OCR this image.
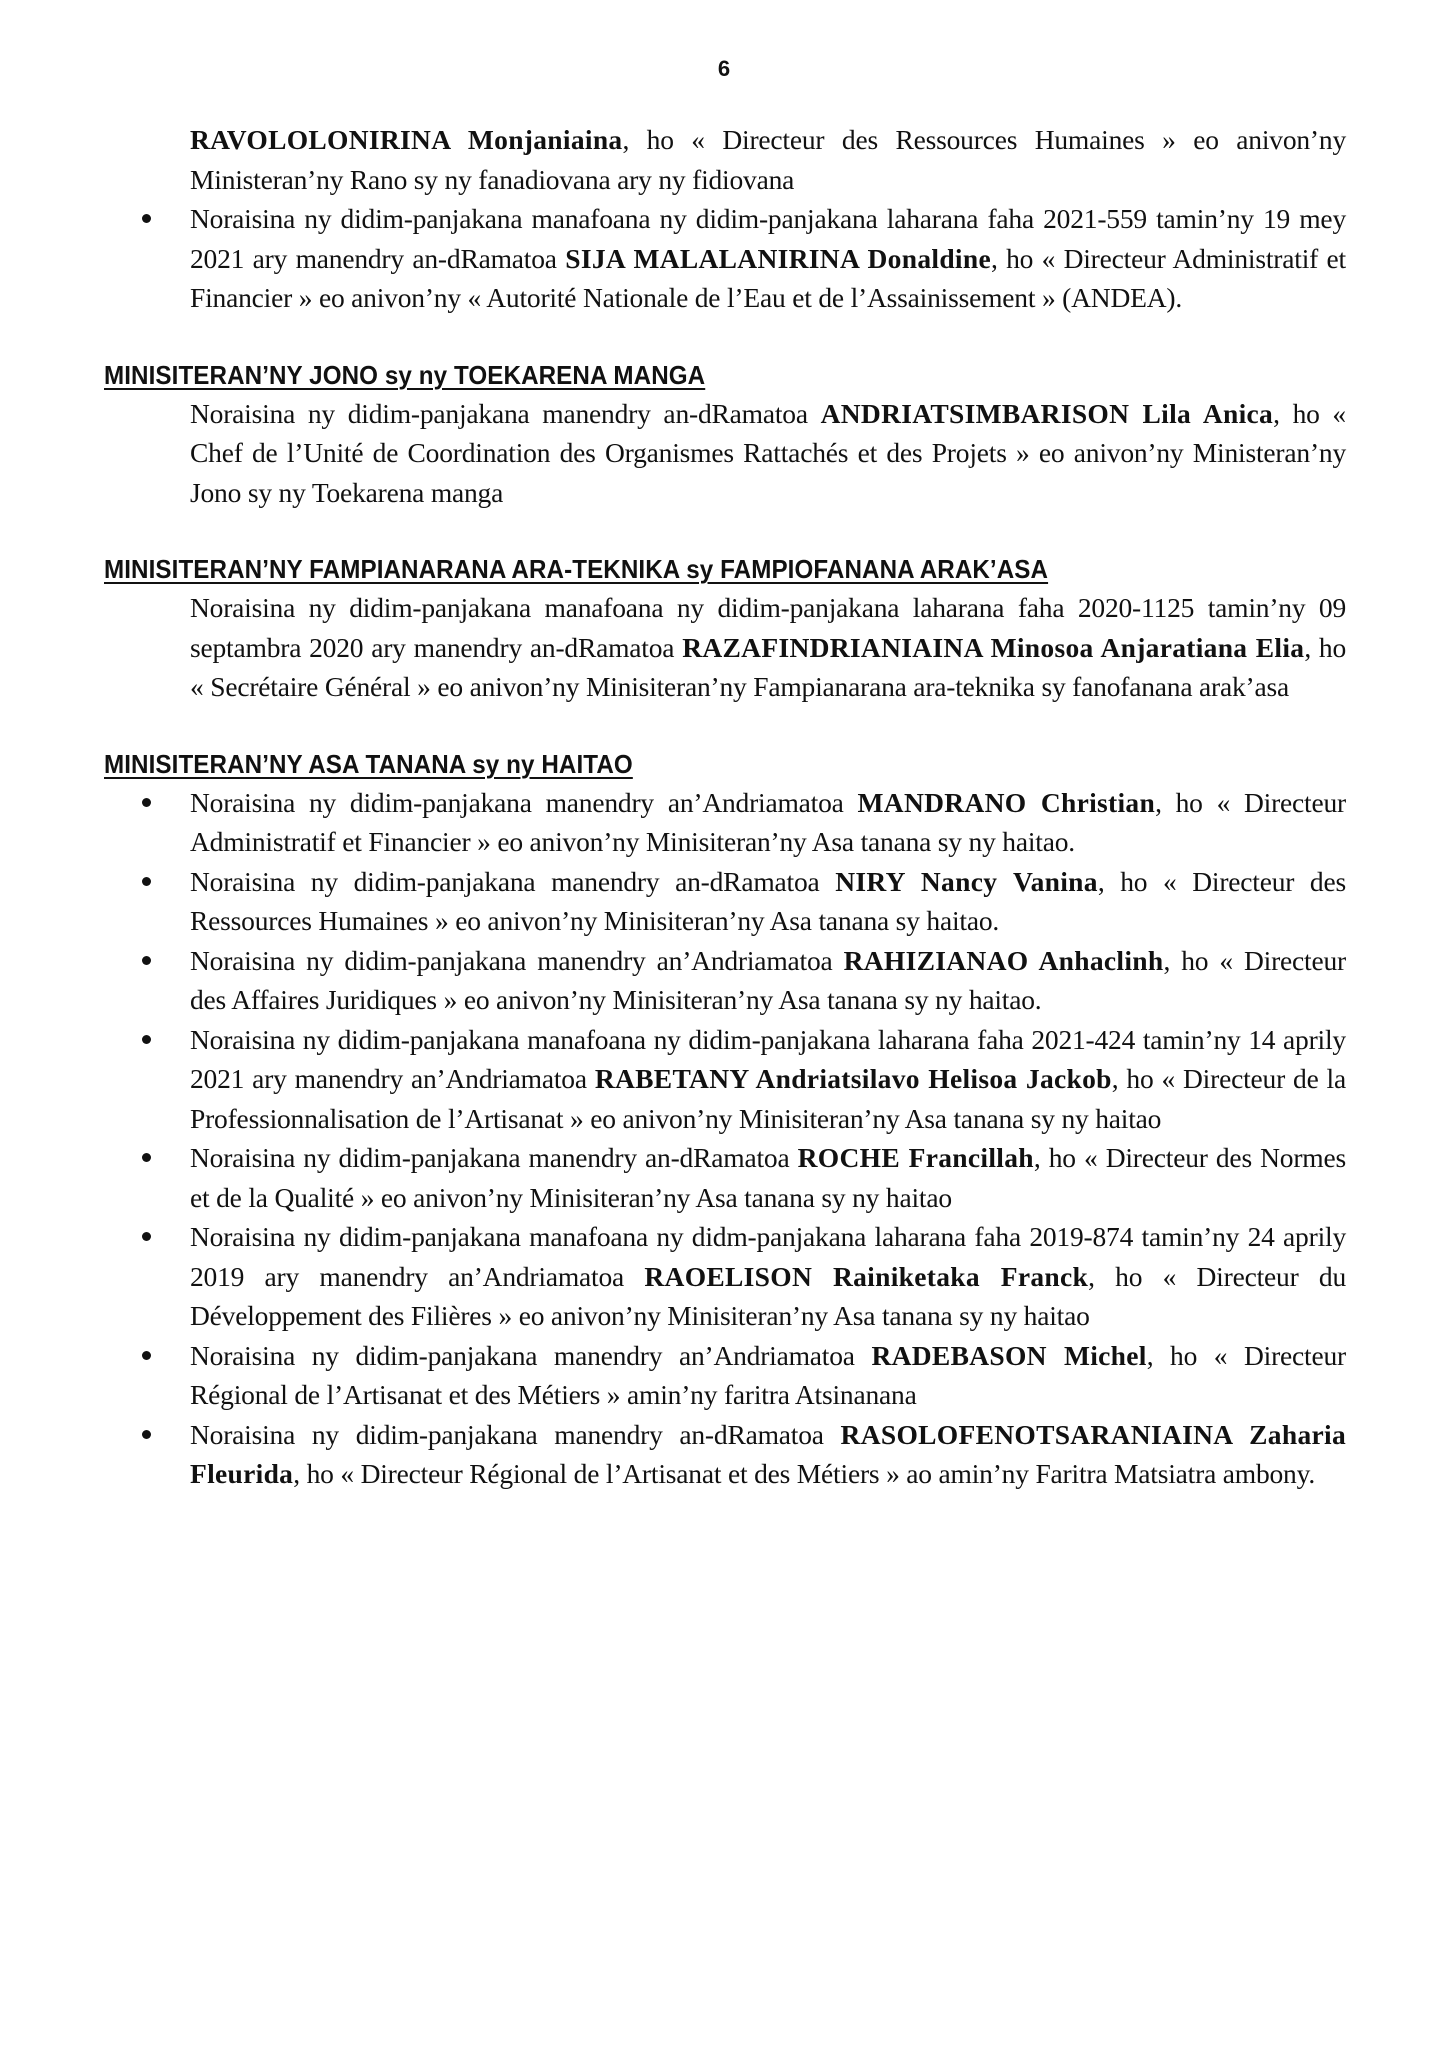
6
RAVOLOLONIRINA Monjaniaina, ho « Directeur des Ressources Humaines » eo anivon’ny Ministeran’ny Rano sy ny fanadiovana ary ny fidiovana
Noraisina ny didim-panjakana manafoana ny didim-panjakana laharana faha 2021-559 tamin’ny 19 mey 2021 ary manendry an-dRamatoa SIJA MALALANIRINA Donaldine, ho « Directeur Administratif et Financier » eo anivon’ny « Autorité Nationale de l’Eau et de l’Assainissement » (ANDEA).
MINISITERAN’NY JONO sy ny TOEKARENA MANGA
Noraisina ny didim-panjakana manendry an-dRamatoa ANDRIATSIMBARISON Lila Anica, ho « Chef de l’Unité de Coordination des Organismes Rattachés et des Projets » eo anivon’ny Ministeran’ny Jono sy ny Toekarena manga
MINISITERAN’NY FAMPIANARANA ARA-TEKNIKA sy FAMPIOFANANA ARAK’ASA
Noraisina ny didim-panjakana manafoana ny didim-panjakana laharana faha 2020-1125 tamin’ny 09 septambra 2020 ary manendry an-dRamatoa RAZAFINDRIANIAINA Minosoa Anjaratiana Elia, ho « Secrétaire Général » eo anivon’ny Minisiteran’ny Fampianarana ara-teknika sy fanofanana arak’asa
MINISITERAN’NY ASA TANANA sy ny HAITAO
Noraisina ny didim-panjakana manendry an’Andriamatoa MANDRANO Christian, ho « Directeur Administratif et Financier » eo anivon’ny Minisiteran’ny Asa tanana sy ny haitao.
Noraisina ny didim-panjakana manendry an-dRamatoa NIRY Nancy Vanina, ho « Directeur des Ressources Humaines » eo anivon’ny Minisiteran’ny Asa tanana sy haitao.
Noraisina ny didim-panjakana manendry an’Andriamatoa RAHIZIANAO Anhaclinh, ho « Directeur des Affaires Juridiques » eo anivon’ny Minisiteran’ny Asa tanana sy ny haitao.
Noraisina ny didim-panjakana manafoana ny didim-panjakana laharana faha 2021-424 tamin’ny 14 aprily 2021 ary manendry an’Andriamatoa RABETANY Andriatsilavo Helisoa Jackob, ho « Directeur de la Professionnalisation de l’Artisanat » eo anivon’ny Minisiteran’ny Asa tanana sy ny haitao
Noraisina ny didim-panjakana manendry an-dRamatoa ROCHE Francillah, ho « Directeur des Normes et de la Qualité » eo anivon’ny Minisiteran’ny Asa tanana sy ny haitao
Noraisina ny didim-panjakana manafoana ny didm-panjakana laharana faha 2019-874 tamin’ny 24 aprily 2019 ary manendry an’Andriamatoa RAOELISON Rainiketaka Franck, ho « Directeur du Développement des Filières » eo anivon’ny Minisiteran’ny Asa tanana sy ny haitao
Noraisina ny didim-panjakana manendry an’Andriamatoa RADEBASON Michel, ho « Directeur Régional de l’Artisanat et des Métiers » amin’ny faritra Atsinanana
Noraisina ny didim-panjakana manendry an-dRamatoa RASOLOFENOTSARANIAINA Zaharia Fleurida, ho « Directeur Régional de l’Artisanat et des Métiers » ao amin’ny Faritra Matsiatra ambony.
